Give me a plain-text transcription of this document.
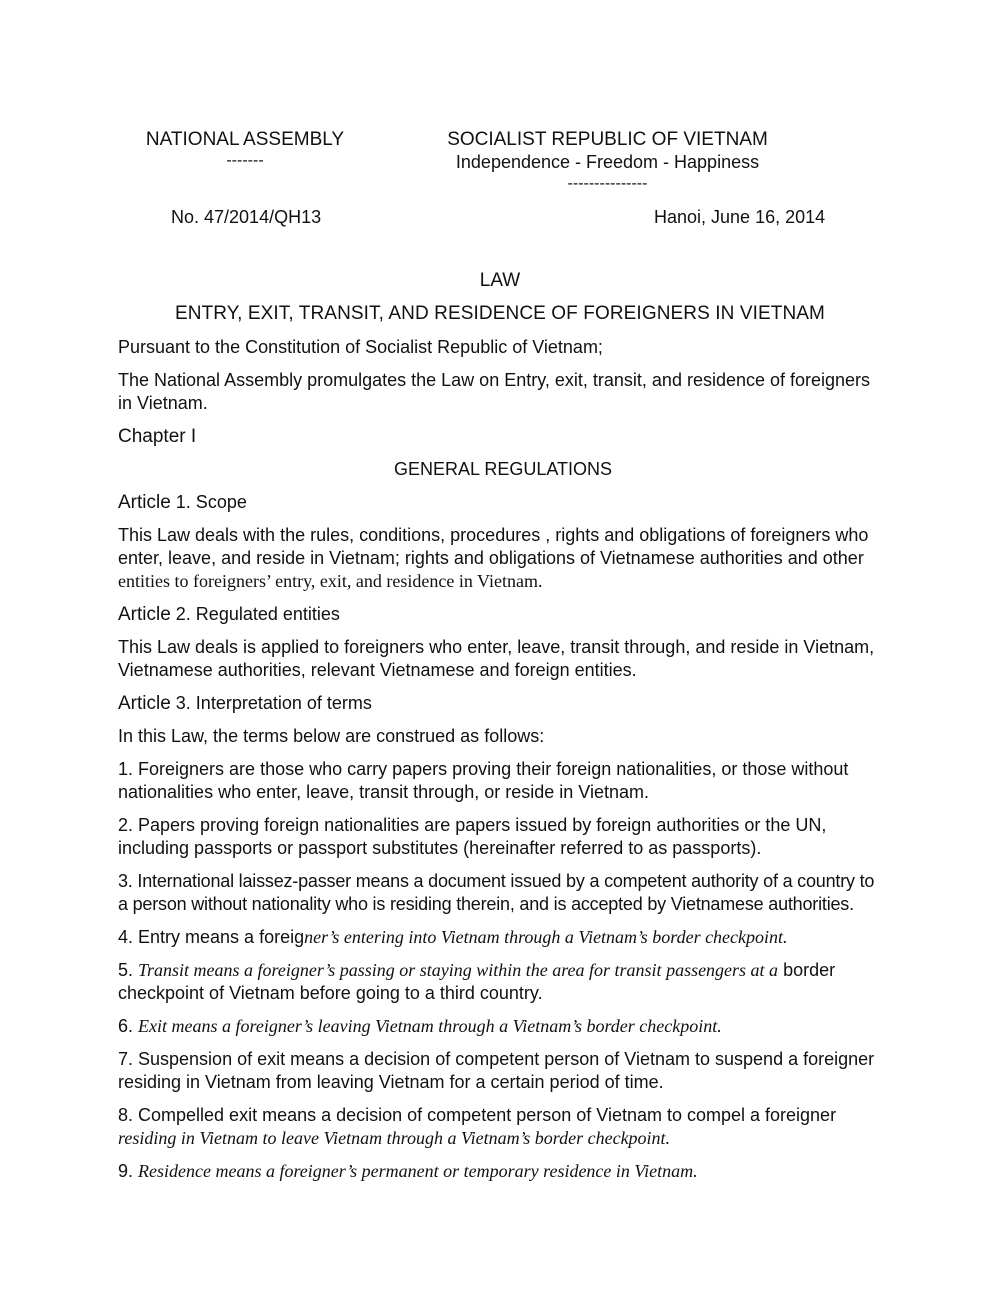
NATIONAL ASSEMBLY
-------
SOCIALIST REPUBLIC OF VIETNAM
Independence - Freedom - Happiness
---------------
No. 47/2014/QH13	Hanoi, June 16, 2014
LAW
ENTRY, EXIT, TRANSIT, AND RESIDENCE OF FOREIGNERS IN VIETNAM

Pursuant to the Constitution of Socialist Republic of Vietnam;

The National Assembly promulgates the Law on Entry, exit, transit, and residence of foreigners in Vietnam.

Chapter I
GENERAL REGULATIONS
Article 1. Scope

This Law deals with the rules, conditions, procedures , rights and obligations of foreigners who enter, leave, and reside in Vietnam; rights and obligations of Vietnamese authorities and other entities to foreigners’ entry, exit, and residence in Vietnam.

Article 2. Regulated entities

This Law deals is applied to foreigners who enter, leave, transit through, and reside in Vietnam, Vietnamese authorities, relevant Vietnamese and foreign entities.

Article 3. Interpretation of terms

In this Law, the terms below are construed as follows:

1. Foreigners are those who carry papers proving their foreign nationalities, or those without nationalities who enter, leave, transit through, or reside in Vietnam.

2. Papers proving foreign nationalities are papers issued by foreign authorities or the UN, including passports or passport substitutes (hereinafter referred to as passports).

3. International laissez-passer means a document issued by a competent authority of a country to a person without nationality who is residing therein, and is accepted by Vietnamese authorities.

4. Entry means a foreigner’s entering into Vietnam through a Vietnam’s border checkpoint.

5. Transit means a foreigner’s passing or staying within the area for transit passengers at a border checkpoint of Vietnam before going to a third country.

6. Exit means a foreigner’s leaving Vietnam through a Vietnam’s border checkpoint.

7. Suspension of exit means a decision of competent person of Vietnam to suspend a foreigner residing in Vietnam from leaving Vietnam for a certain period of time.

8. Compelled exit means a decision of competent person of Vietnam to compel a foreigner residing in Vietnam to leave Vietnam through a Vietnam’s border checkpoint.

9. Residence means a foreigner’s permanent or temporary residence in Vietnam.
